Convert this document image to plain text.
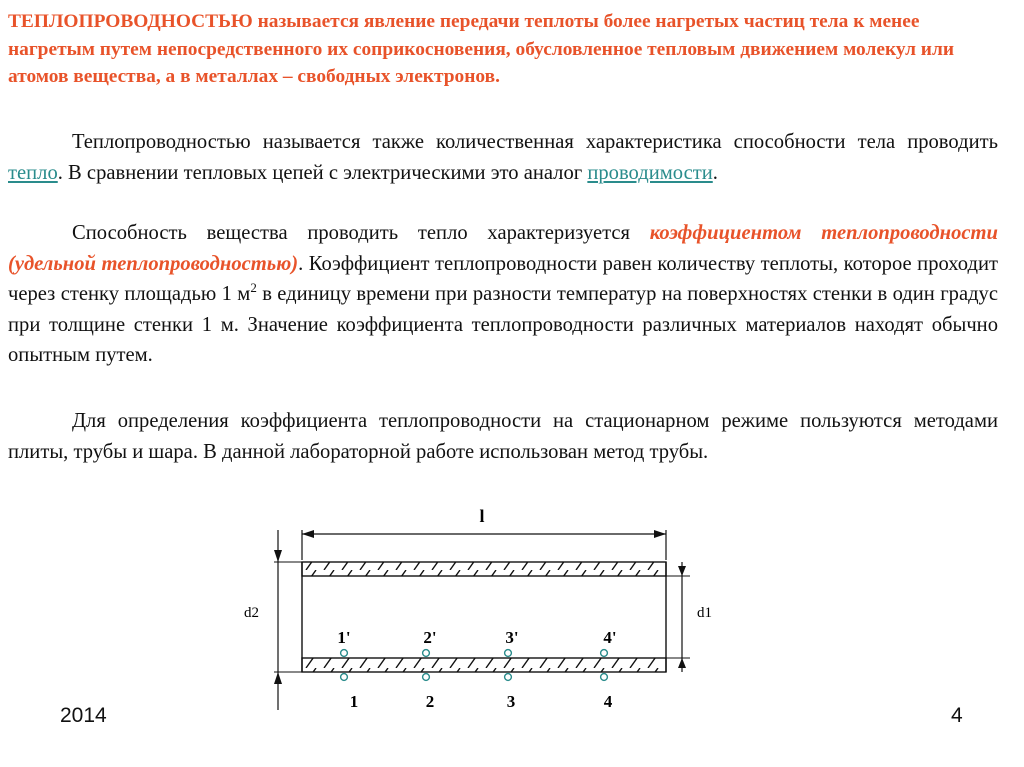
ТЕПЛОПРОВОДНОСТЬЮ называется явление передачи теплоты более нагретых частиц тела к менее нагретым путем непосредственного их соприкосновения, обусловленное тепловым движением молекул или атомов вещества, а в металлах – свободных электронов.
Теплопроводностью называется также количественная характеристика способности тела проводить тепло. В сравнении тепловых цепей с электрическими это аналог проводимости.
Способность вещества проводить тепло характеризуется коэффициентом теплопроводности (удельной теплопроводностью). Коэффициент теплопроводности равен количеству теплоты, которое проходит через стенку площадью 1 $м^2$ в единицу времени при разности температур на поверхностях стенки в один градус при толщине стенки 1 м. Значение коэффициента теплопроводности различных материалов находят обычно опытным путем.
Для определения коэффициента теплопроводности на стационарном режиме пользуются методами плиты, трубы и шара. В данной лабораторной работе использован метод трубы.
l
d2	d1
1'
1
2'
2
3'
3
4'
4
2014	4
